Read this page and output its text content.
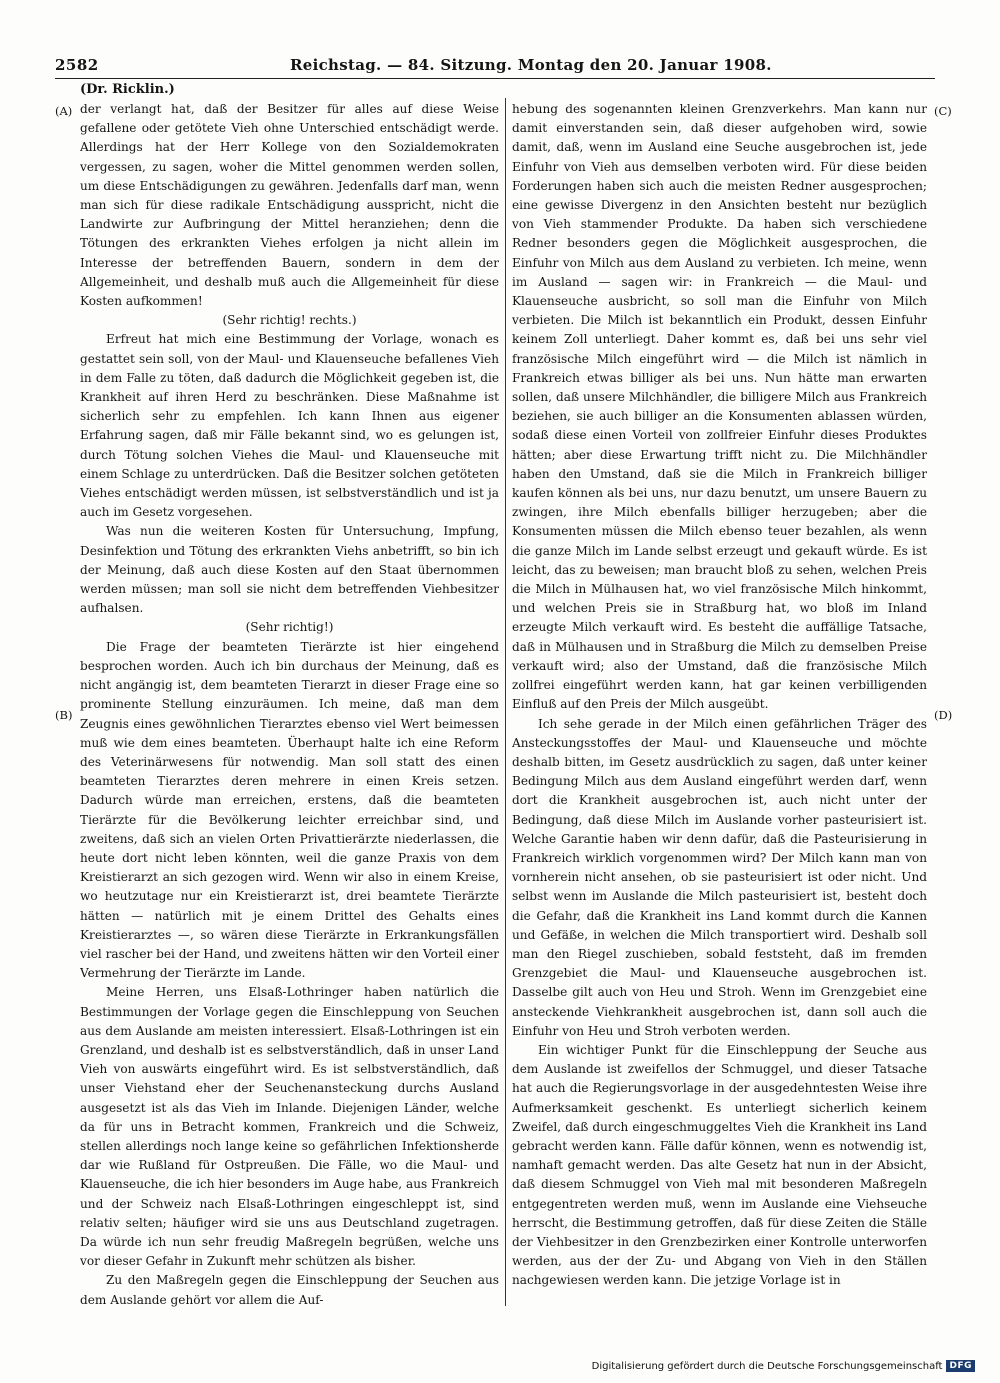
2582	Reichstag. — 84. Sitzung. Montag den 20. Januar 1908.
(Dr. Ricklin.)
(A)
(B)
(C)
(D)

der verlangt hat, daß der Besitzer für alles auf diese Weise gefallene oder getötete Vieh ohne Unterschied entschädigt werde. Allerdings hat der Herr Kollege von den Sozialdemokraten vergessen, zu sagen, woher die Mittel genommen werden sollen, um diese Entschädigungen zu gewähren. Jedenfalls darf man, wenn man sich für diese radikale Entschädigung ausspricht, nicht die Landwirte zur Aufbringung der Mittel heranziehen; denn die Tötungen des erkrankten Viehes erfolgen ja nicht allein im Interesse der betreffenden Bauern, sondern in dem der Allgemeinheit, und deshalb muß auch die Allgemeinheit für diese Kosten aufkommen!

(Sehr richtig! rechts.)

Erfreut hat mich eine Bestimmung der Vorlage, wonach es gestattet sein soll, von der Maul- und Klauenseuche befallenes Vieh in dem Falle zu töten, daß dadurch die Möglichkeit gegeben ist, die Krankheit auf ihren Herd zu beschränken. Diese Maßnahme ist sicherlich sehr zu empfehlen. Ich kann Ihnen aus eigener Erfahrung sagen, daß mir Fälle bekannt sind, wo es gelungen ist, durch Tötung solchen Viehes die Maul- und Klauenseuche mit einem Schlage zu unterdrücken. Daß die Besitzer solchen getöteten Viehes entschädigt werden müssen, ist selbstverständlich und ist ja auch im Gesetz vorgesehen.

Was nun die weiteren Kosten für Untersuchung, Impfung, Desinfektion und Tötung des erkrankten Viehs anbetrifft, so bin ich der Meinung, daß auch diese Kosten auf den Staat übernommen werden müssen; man soll sie nicht dem betreffenden Viehbesitzer aufhalsen.

(Sehr richtig!)

Die Frage der beamteten Tierärzte ist hier eingehend besprochen worden. Auch ich bin durchaus der Meinung, daß es nicht angängig ist, dem beamteten Tierarzt in dieser Frage eine so prominente Stellung einzuräumen. Ich meine, daß man dem Zeugnis eines gewöhnlichen Tierarztes ebenso viel Wert beimessen muß wie dem eines beamteten. Überhaupt halte ich eine Reform des Veterinärwesens für notwendig. Man soll statt des einen beamteten Tierarztes deren mehrere in einen Kreis setzen. Dadurch würde man erreichen, erstens, daß die beamteten Tierärzte für die Bevölkerung leichter erreichbar sind, und zweitens, daß sich an vielen Orten Privattierärzte niederlassen, die heute dort nicht leben könnten, weil die ganze Praxis von dem Kreistierarzt an sich gezogen wird. Wenn wir also in einem Kreise, wo heutzutage nur ein Kreistierarzt ist, drei beamtete Tierärzte hätten — natürlich mit je einem Drittel des Gehalts eines Kreistierarztes —, so wären diese Tierärzte in Erkrankungsfällen viel rascher bei der Hand, und zweitens hätten wir den Vorteil einer Vermehrung der Tierärzte im Lande.

Meine Herren, uns Elsaß-Lothringer haben natürlich die Bestimmungen der Vorlage gegen die Einschleppung von Seuchen aus dem Auslande am meisten interessiert. Elsaß-Lothringen ist ein Grenzland, und deshalb ist es selbstverständlich, daß in unser Land Vieh von auswärts eingeführt wird. Es ist selbstverständlich, daß unser Viehstand eher der Seuchenansteckung durchs Ausland ausgesetzt ist als das Vieh im Inlande. Diejenigen Länder, welche da für uns in Betracht kommen, Frankreich und die Schweiz, stellen allerdings noch lange keine so gefährlichen Infektionsherde dar wie Rußland für Ostpreußen. Die Fälle, wo die Maul- und Klauenseuche, die ich hier besonders im Auge habe, aus Frankreich und der Schweiz nach Elsaß-Lothringen eingeschleppt ist, sind relativ selten; häufiger wird sie uns aus Deutschland zugetragen. Da würde ich nun sehr freudig Maßregeln begrüßen, welche uns vor dieser Gefahr in Zukunft mehr schützen als bisher.

Zu den Maßregeln gegen die Einschleppung der Seuchen aus dem Auslande gehört vor allem die Auf-

hebung des sogenannten kleinen Grenzverkehrs. Man kann nur damit einverstanden sein, daß dieser aufgehoben wird, sowie damit, daß, wenn im Ausland eine Seuche ausgebrochen ist, jede Einfuhr von Vieh aus demselben verboten wird. Für diese beiden Forderungen haben sich auch die meisten Redner ausgesprochen; eine gewisse Divergenz in den Ansichten besteht nur bezüglich von Vieh stammender Produkte. Da haben sich verschiedene Redner besonders gegen die Möglichkeit ausgesprochen, die Einfuhr von Milch aus dem Ausland zu verbieten. Ich meine, wenn im Ausland — sagen wir: in Frankreich — die Maul- und Klauenseuche ausbricht, so soll man die Einfuhr von Milch verbieten. Die Milch ist bekanntlich ein Produkt, dessen Einfuhr keinem Zoll unterliegt. Daher kommt es, daß bei uns sehr viel französische Milch eingeführt wird — die Milch ist nämlich in Frankreich etwas billiger als bei uns. Nun hätte man erwarten sollen, daß unsere Milchhändler, die billigere Milch aus Frankreich beziehen, sie auch billiger an die Konsumenten ablassen würden, sodaß diese einen Vorteil von zollfreier Einfuhr dieses Produktes hätten; aber diese Erwartung trifft nicht zu. Die Milchhändler haben den Umstand, daß sie die Milch in Frankreich billiger kaufen können als bei uns, nur dazu benutzt, um unsere Bauern zu zwingen, ihre Milch ebenfalls billiger herzugeben; aber die Konsumenten müssen die Milch ebenso teuer bezahlen, als wenn die ganze Milch im Lande selbst erzeugt und gekauft würde. Es ist leicht, das zu beweisen; man braucht bloß zu sehen, welchen Preis die Milch in Mülhausen hat, wo viel französische Milch hinkommt, und welchen Preis sie in Straßburg hat, wo bloß im Inland erzeugte Milch verkauft wird. Es besteht die auffällige Tatsache, daß in Mülhausen und in Straßburg die Milch zu demselben Preise verkauft wird; also der Umstand, daß die französische Milch zollfrei eingeführt werden kann, hat gar keinen verbilligenden Einfluß auf den Preis der Milch ausgeübt.

Ich sehe gerade in der Milch einen gefährlichen Träger des Ansteckungsstoffes der Maul- und Klauenseuche und möchte deshalb bitten, im Gesetz ausdrücklich zu sagen, daß unter keiner Bedingung Milch aus dem Ausland eingeführt werden darf, wenn dort die Krankheit ausgebrochen ist, auch nicht unter der Bedingung, daß diese Milch im Auslande vorher pasteurisiert ist. Welche Garantie haben wir denn dafür, daß die Pasteurisierung in Frankreich wirklich vorgenommen wird? Der Milch kann man von vornherein nicht ansehen, ob sie pasteurisiert ist oder nicht. Und selbst wenn im Auslande die Milch pasteurisiert ist, besteht doch die Gefahr, daß die Krankheit ins Land kommt durch die Kannen und Gefäße, in welchen die Milch transportiert wird. Deshalb soll man den Riegel zuschieben, sobald feststeht, daß im fremden Grenzgebiet die Maul- und Klauenseuche ausgebrochen ist. Dasselbe gilt auch von Heu und Stroh. Wenn im Grenzgebiet eine ansteckende Viehkrankheit ausgebrochen ist, dann soll auch die Einfuhr von Heu und Stroh verboten werden.

Ein wichtiger Punkt für die Einschleppung der Seuche aus dem Auslande ist zweifellos der Schmuggel, und dieser Tatsache hat auch die Regierungsvorlage in der ausgedehntesten Weise ihre Aufmerksamkeit geschenkt. Es unterliegt sicherlich keinem Zweifel, daß durch eingeschmuggeltes Vieh die Krankheit ins Land gebracht werden kann. Fälle dafür können, wenn es notwendig ist, namhaft gemacht werden. Das alte Gesetz hat nun in der Absicht, daß diesem Schmuggel von Vieh mal mit besonderen Maßregeln entgegentreten werden muß, wenn im Auslande eine Viehseuche herrscht, die Bestimmung getroffen, daß für diese Zeiten die Ställe der Viehbesitzer in den Grenzbezirken einer Kontrolle unterworfen werden, aus der der Zu- und Abgang von Vieh in den Ställen nachgewiesen werden kann. Die jetzige Vorlage ist in

Digitalisierung gefördert durch die Deutsche Forschungsgemeinschaft DFG
